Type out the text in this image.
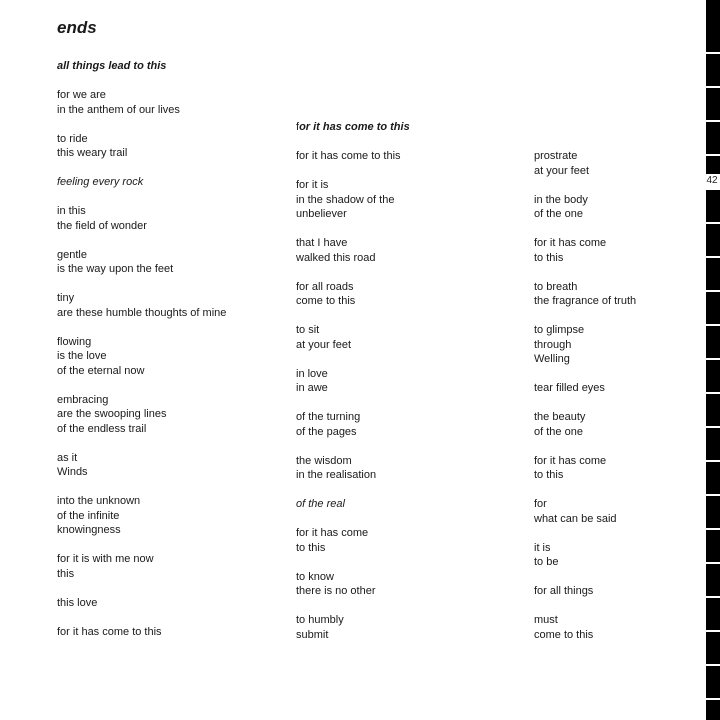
ends
all things lead to this
for we are
in the anthem of our lives
to ride
this weary trail
feeling every rock
in this
the field of wonder
gentle
is the way upon the feet
tiny
are these humble thoughts of mine
flowing
is the love
of the eternal now
embracing
are the swooping lines
of the endless trail
as it
Winds
into the unknown
of the infinite
knowingness
for it is with me now
this
this love
for it has come to this
for it has come to this
for it has come to this
for it is
in the shadow of the
unbeliever
that I have
walked this road
for all roads
come to this
to sit
at your feet
in love
in awe
of the turning
of the pages
the wisdom
in the realisation
of the real
for it has come
to this
to know
there is no other
to humbly
submit
prostrate
at your feet
in the body
of the one
for it has come
to this
to breath
the fragrance of truth
to glimpse
through
Welling
tear filled eyes
the beauty
of the one
for it has come
to this
for
what can be said
it is
to be
for all things
must
come to this
42
